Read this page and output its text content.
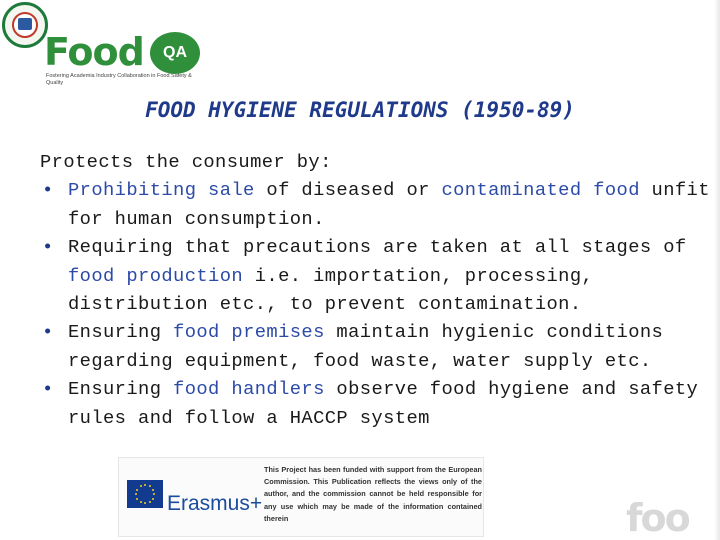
Food	QA
Fostering Academia Industry Collaboration in Food Safety & Quality
FOOD HYGIENE REGULATIONS (1950-89)
Protects the consumer by:
• Prohibiting sale of diseased or contaminated food unfit for human consumption.
• Requiring that precautions are taken at all stages of food production i.e. importation, processing, distribution etc., to prevent contamination.
• Ensuring food premises maintain hygienic conditions regarding equipment, food waste, water supply etc.
• Ensuring food handlers observe food hygiene and safety rules and follow a HACCP system
Erasmus+
This Project has been funded with support from the European Commission. This Publication reflects the views only of the author, and the commission cannot be held responsible for any use which may be made of the information contained therein	foo
